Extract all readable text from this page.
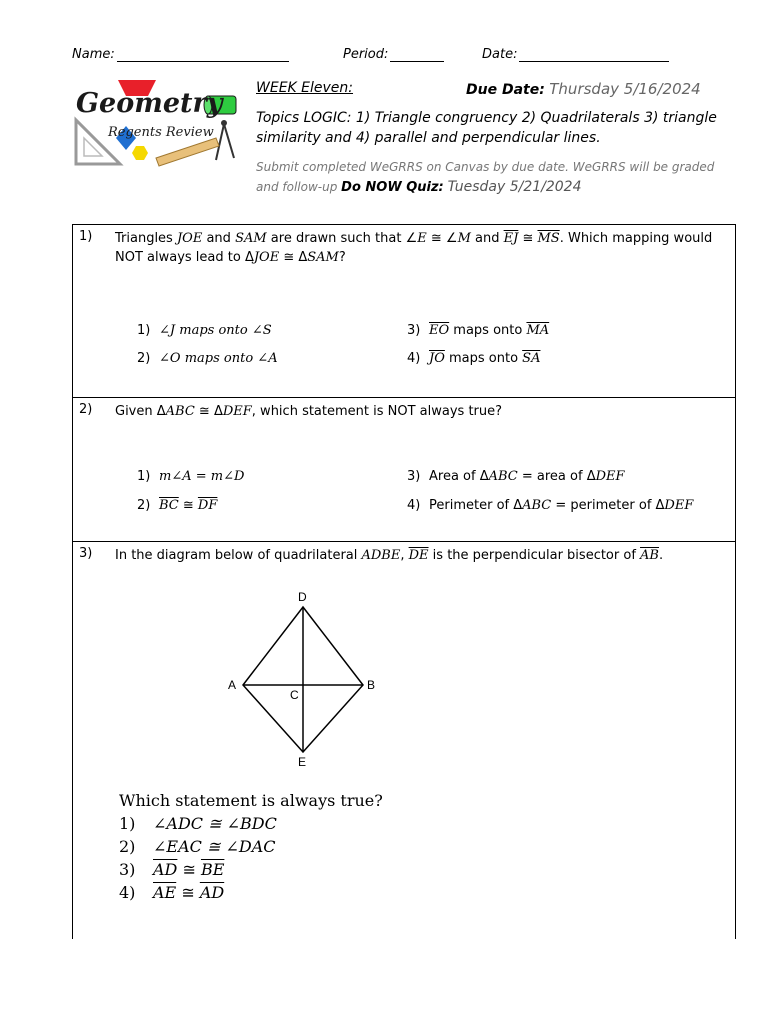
Name:	Period:	Date:
Geometry
Regents Review
WEEK Eleven:	Due Date: Thursday 5/16/2024
Topics LOGIC: 1) Triangle congruency 2) Quadrilaterals 3) triangle similarity and 4) parallel and perpendicular lines.
Submit completed WeGRRS on Canvas by due date. WeGRRS will be graded and follow-up Do NOW Quiz: Tuesday 5/21/2024
1) Triangles JOE and SAM are drawn such that ∠E ≅ ∠M and $\overline{EJ}$ ≅ $\overline{MS}$. Which mapping would NOT always lead to ΔJOE ≅ ΔSAM?
1) ∠J maps onto ∠S
2) ∠O maps onto ∠A
3) $\overline{EO}$ maps onto $\overline{MA}$
4) $\overline{JO}$ maps onto $\overline{SA}$
2) Given ΔABC ≅ ΔDEF, which statement is NOT always true?
1) m∠A = m∠D
2) $\overline{BC}$ ≅ $\overline{DF}$
3) Area of ΔABC = area of ΔDEF
4) Perimeter of ΔABC = perimeter of ΔDEF
3) In the diagram below of quadrilateral ADBE, $\overline{DE}$ is the perpendicular bisector of $\overline{AB}$.
D
A	B
C
E
Which statement is always true?
1) ∠ADC ≅ ∠BDC
2) ∠EAC ≅ ∠DAC
3) $\overline{AD}$ ≅ $\overline{BE}$
4) $\overline{AE}$ ≅ $\overline{AD}$
